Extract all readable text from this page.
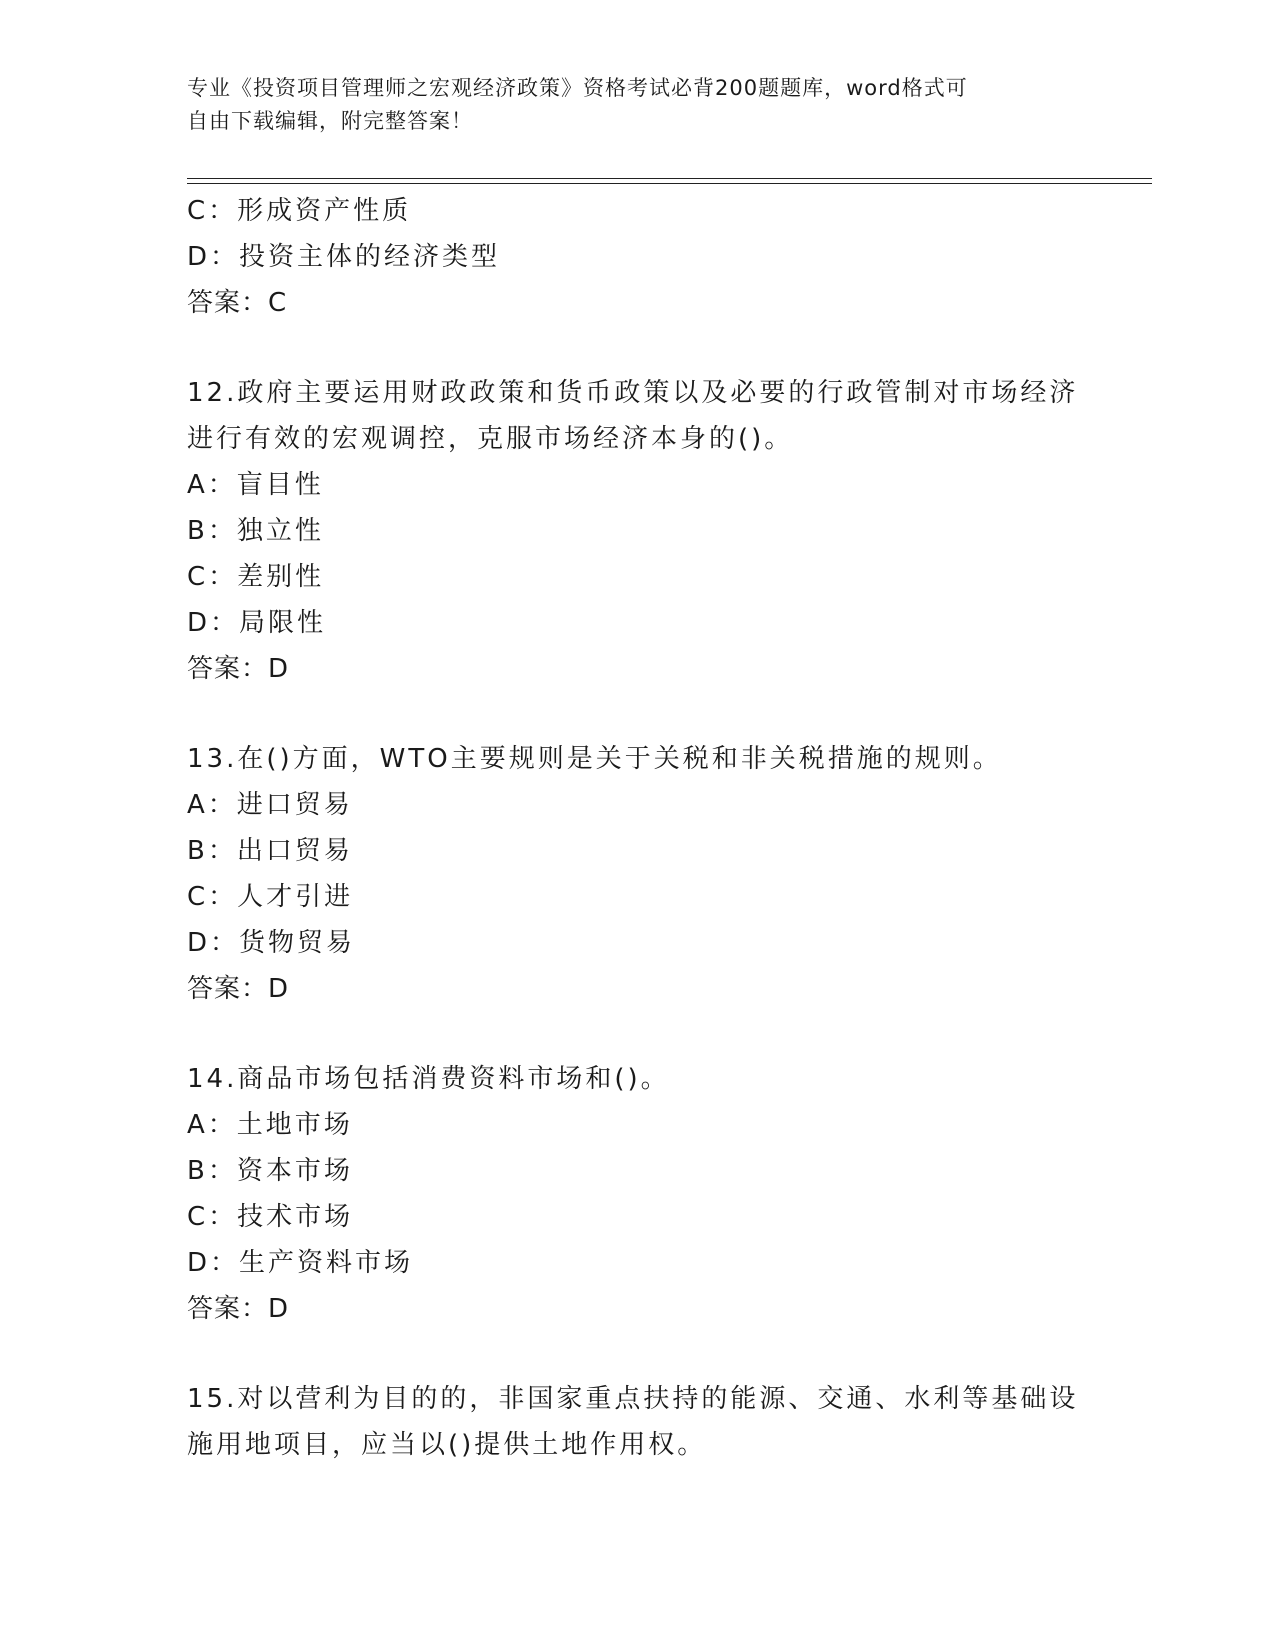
专业《投资项目管理师之宏观经济政策》资格考试必背200题题库，word格式可
自由下载编辑，附完整答案！

C：形成资产性质

D：投资主体的经济类型

答案：C

12.政府主要运用财政政策和货币政策以及必要的行政管制对市场经济

进行有效的宏观调控，克服市场经济本身的()。

A：盲目性

B：独立性

C：差别性

D：局限性

答案：D

13.在()方面，WTO主要规则是关于关税和非关税措施的规则。

A：进口贸易

B：出口贸易

C：人才引进

D：货物贸易

答案：D

14.商品市场包括消费资料市场和()。

A：土地市场

B：资本市场

C：技术市场

D：生产资料市场

答案：D

15.对以营利为目的的，非国家重点扶持的能源、交通、水利等基础设

施用地项目，应当以()提供土地作用权。
